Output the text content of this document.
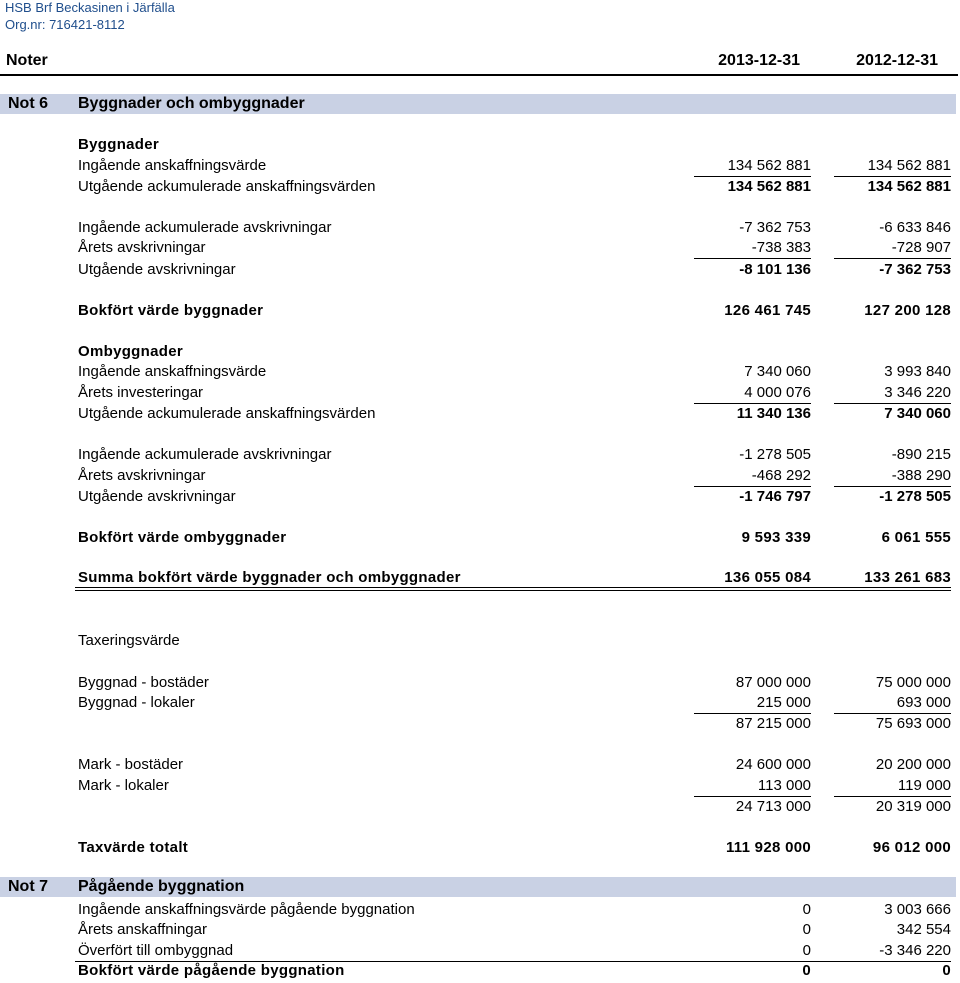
HSB Brf Beckasinen i Järfälla
Org.nr: 716421-8112
Noter	2013-12-31	2012-12-31
Not 6 Byggnader och ombyggnader
Byggnader
Ingående anskaffningsvärde	134 562 881	134 562 881
Utgående ackumulerade anskaffningsvärden	134 562 881	134 562 881
Ingående ackumulerade avskrivningar	-7 362 753	-6 633 846
Årets avskrivningar	-738 383	-728 907
Utgående avskrivningar	-8 101 136	-7 362 753
Bokfört värde byggnader	126 461 745	127 200 128
Ombyggnader
Ingående anskaffningsvärde	7 340 060	3 993 840
Årets investeringar	4 000 076	3 346 220
Utgående ackumulerade anskaffningsvärden	11 340 136	7 340 060
Ingående ackumulerade avskrivningar	-1 278 505	-890 215
Årets avskrivningar	-468 292	-388 290
Utgående avskrivningar	-1 746 797	-1 278 505
Bokfört värde ombyggnader	9 593 339	6 061 555
Summa bokfört värde byggnader och ombyggnader	136 055 084	133 261 683
Taxeringsvärde
Byggnad - bostäder	87 000 000	75 000 000
Byggnad - lokaler	215 000	693 000
87 215 000	75 693 000
Mark - bostäder	24 600 000	20 200 000
Mark - lokaler	113 000	119 000
24 713 000	20 319 000
Taxvärde totalt	111 928 000	96 012 000
Not 7 Pågående byggnation
Ingående anskaffningsvärde pågående byggnation	0	3 003 666
Årets anskaffningar	0	342 554
Överfört till ombyggnad	0	-3 346 220
Bokfört värde pågående byggnation	0	0
